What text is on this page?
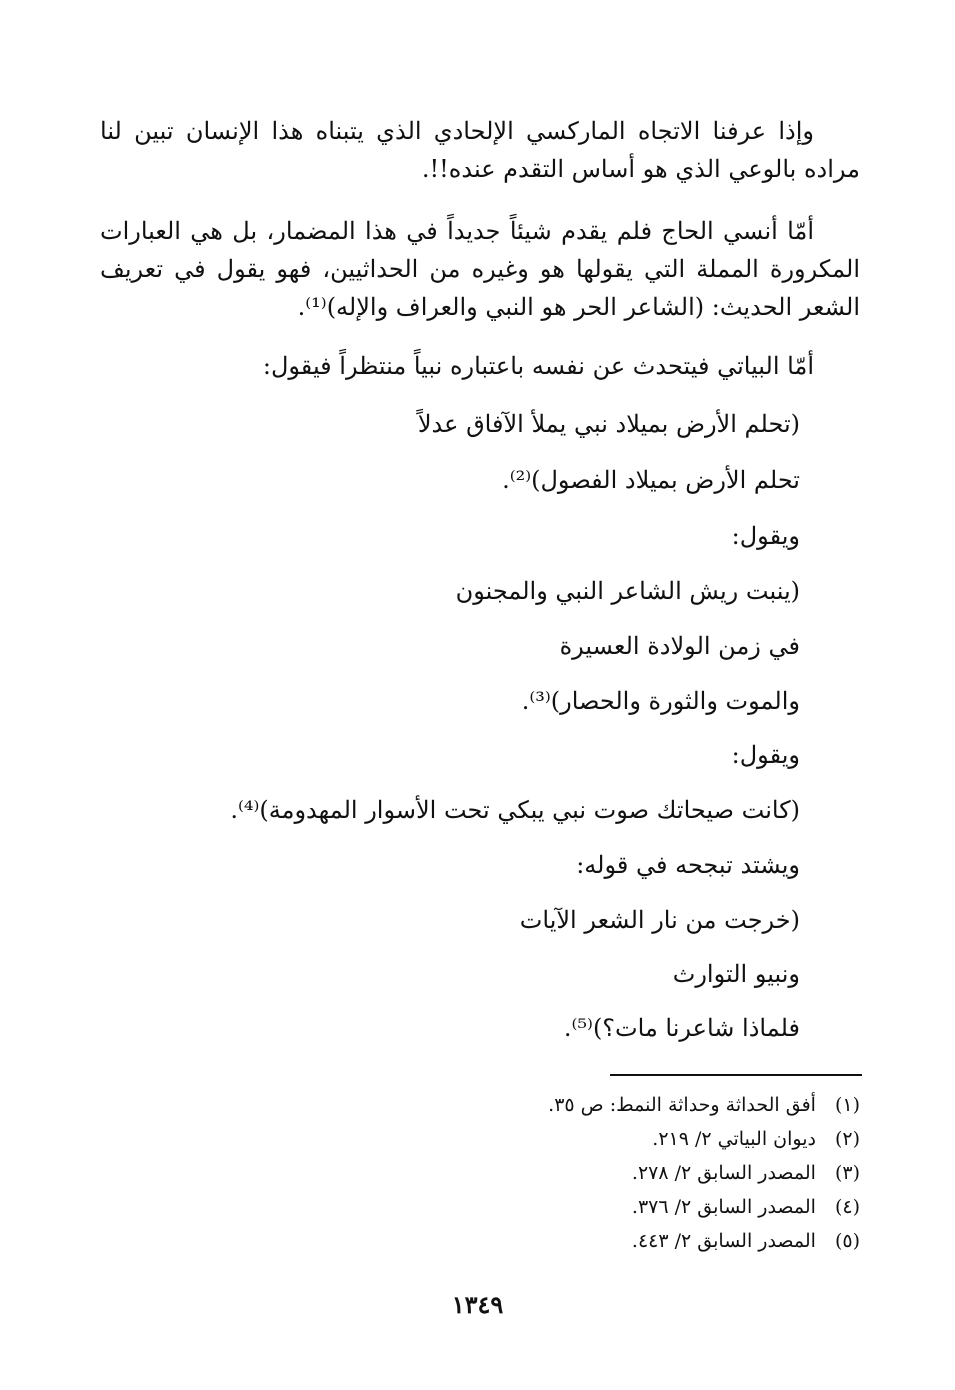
وإذا عرفنا الاتجاه الماركسي الإلحادي الذي يتبناه هذا الإنسان تبين لنا مراده بالوعي الذي هو أساس التقدم عنده!!.
أمّا أنسي الحاج فلم يقدم شيئاً جديداً في هذا المضمار، بل هي العبارات المكرورة المملة التي يقولها هو وغيره من الحداثيين، فهو يقول في تعريف الشعر الحديث: (الشاعر الحر هو النبي والعراف والإله)⁽¹⁾.
أمّا البياتي فيتحدث عن نفسه باعتباره نبياً منتظراً فيقول:
(تحلم الأرض بميلاد نبي يملأ الآفاق عدلاً
تحلم الأرض بميلاد الفصول)⁽²⁾.
ويقول:
(ينبت ريش الشاعر النبي والمجنون
في زمن الولادة العسيرة
والموت والثورة والحصار)⁽³⁾.
ويقول:
(كانت صيحاتك صوت نبي يبكي تحت الأسوار المهدومة)⁽⁴⁾.
ويشتد تبجحه في قوله:
(خرجت من نار الشعر الآيات
ونبيو التوارث
فلماذا شاعرنا مات؟)⁽⁵⁾.
(١) أفق الحداثة وحداثة النمط: ص ٣٥.
(٢) ديوان البياتي ٢/ ٢١٩.
(٣) المصدر السابق ٢/ ٢٧٨.
(٤) المصدر السابق ٢/ ٣٧٦.
(٥) المصدر السابق ٢/ ٤٤٣.
١٣٤٩
